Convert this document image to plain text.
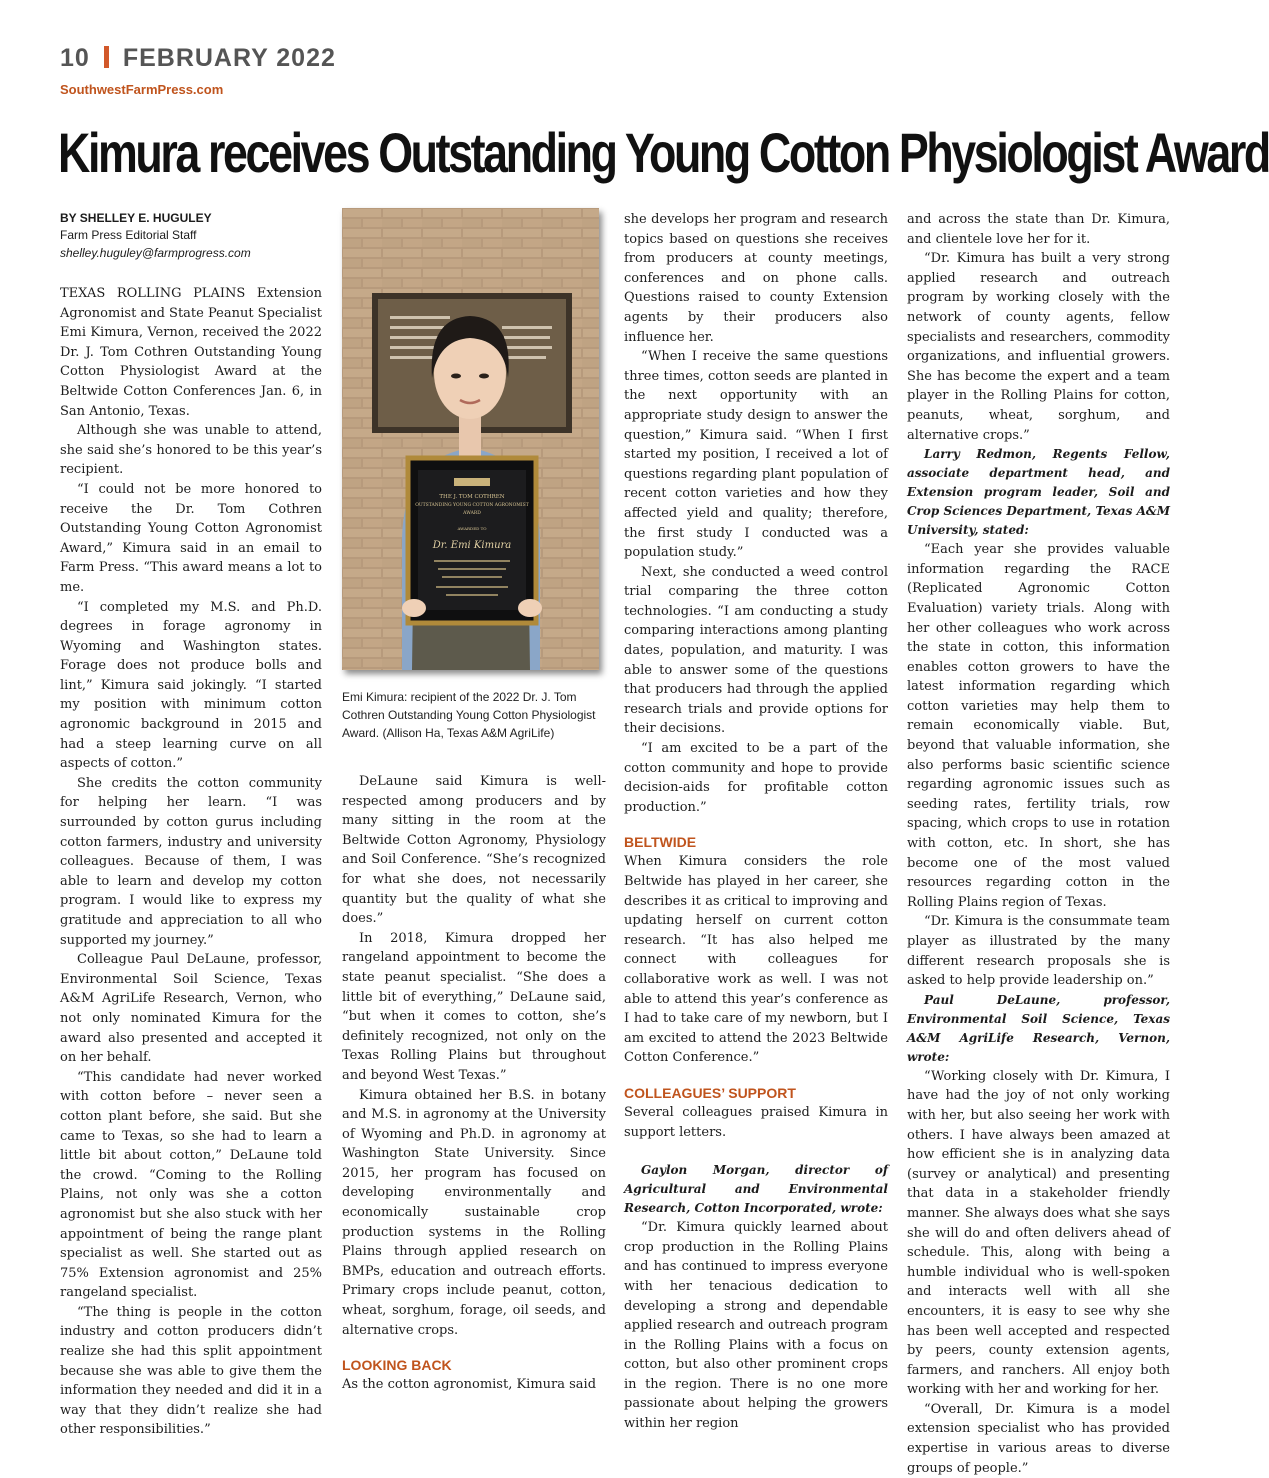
10 FEBRUARY 2022
SouthwestFarmPress.com
Kimura receives Outstanding Young Cotton Physiologist Award
BY SHELLEY E. HUGULEY
Farm Press Editorial Staff
shelley.huguley@farmprogress.com

TEXAS ROLLING PLAINS Extension Agronomist and State Peanut Specialist Emi Kimura, Vernon, received the 2022 Dr. J. Tom Cothren Outstanding Young Cotton Physiologist Award at the Beltwide Cotton Conferences Jan. 6, in San Antonio, Texas.

Although she was unable to attend, she said she’s honored to be this year’s recipient.

“I could not be more honored to receive the Dr. Tom Cothren Outstanding Young Cotton Agronomist Award,” Kimura said in an email to Farm Press. “This award means a lot to me.

“I completed my M.S. and Ph.D. degrees in forage agronomy in Wyoming and Washington states. Forage does not produce bolls and lint,” Kimura said jokingly. “I started my position with minimum cotton agronomic background in 2015 and had a steep learning curve on all aspects of cotton.”

She credits the cotton community for helping her learn. “I was surrounded by cotton gurus including cotton farmers, industry and university colleagues. Because of them, I was able to learn and develop my cotton program. I would like to express my gratitude and appreciation to all who supported my journey.”

Colleague Paul DeLaune, professor, Environmental Soil Science, Texas A&M AgriLife Research, Vernon, who not only nominated Kimura for the award also presented and accepted it on her behalf.

“This candidate had never worked with cotton before – never seen a cotton plant before, she said. But she came to Texas, so she had to learn a little bit about cotton,” DeLaune told the crowd. “Coming to the Rolling Plains, not only was she a cotton agronomist but she also stuck with her appointment of being the range plant specialist as well. She started out as 75% Extension agronomist and 25% rangeland specialist.

“The thing is people in the cotton industry and cotton producers didn’t realize she had this split appointment because she was able to give them the information they needed and did it in a way that they didn’t realize she had other responsibilities.”

THE J. TOM COTHREN
OUTSTANDING YOUNG COTTON AGRONOMIST
AWARD
AWARDED TO
Dr. Emi Kimura
Emi Kimura: recipient of the 2022 Dr. J. Tom Cothren Outstanding Young Cotton Physiologist Award. (Allison Ha, Texas A&M AgriLife)

DeLaune said Kimura is well-respected among producers and by many sitting in the room at the Beltwide Cotton Agronomy, Physiology and Soil Conference. “She’s recognized for what she does, not necessarily quantity but the quality of what she does.”

In 2018, Kimura dropped her rangeland appointment to become the state peanut specialist. “She does a little bit of everything,” DeLaune said, “but when it comes to cotton, she’s definitely recognized, not only on the Texas Rolling Plains but throughout and beyond West Texas.”

Kimura obtained her B.S. in botany and M.S. in agronomy at the University of Wyoming and Ph.D. in agronomy at Washington State University. Since 2015, her program has focused on developing environmentally and economically sustainable crop production systems in the Rolling Plains through applied research on BMPs, education and outreach efforts. Primary crops include peanut, cotton, wheat, sorghum, forage, oil seeds, and alternative crops.

LOOKING BACK

As the cotton agronomist, Kimura said

she develops her program and research topics based on questions she receives from producers at county meetings, conferences and on phone calls. Questions raised to county Extension agents by their producers also influence her.

“When I receive the same questions three times, cotton seeds are planted in the next opportunity with an appropriate study design to answer the question,” Kimura said. “When I first started my position, I received a lot of questions regarding plant population of recent cotton varieties and how they affected yield and quality; therefore, the first study I conducted was a population study.”

Next, she conducted a weed control trial comparing the three cotton technologies. “I am conducting a study comparing interactions among planting dates, population, and maturity. I was able to answer some of the questions that producers had through the applied research trials and provide options for their decisions.

“I am excited to be a part of the cotton community and hope to provide decision-aids for profitable cotton production.”

BELTWIDE

When Kimura considers the role Beltwide has played in her career, she describes it as critical to improving and updating herself on current cotton research. “It has also helped me connect with colleagues for collaborative work as well. I was not able to attend this year’s conference as I had to take care of my newborn, but I am excited to attend the 2023 Beltwide Cotton Conference.”

COLLEAGUES’ SUPPORT

Several colleagues praised Kimura in support letters.

Gaylon Morgan, director of Agricultural and Environmental Research, Cotton Incorporated, wrote:

“Dr. Kimura quickly learned about crop production in the Rolling Plains and has continued to impress everyone with her tenacious dedication to developing a strong and dependable applied research and outreach program in the Rolling Plains with a focus on cotton, but also other prominent crops in the region. There is no one more passionate about helping the growers within her region

and across the state than Dr. Kimura, and clientele love her for it.

“Dr. Kimura has built a very strong applied research and outreach program by working closely with the network of county agents, fellow specialists and researchers, commodity organizations, and influential growers. She has become the expert and a team player in the Rolling Plains for cotton, peanuts, wheat, sorghum, and alternative crops.”

Larry Redmon, Regents Fellow, associate department head, and Extension program leader, Soil and Crop Sciences Department, Texas A&M University, stated:

“Each year she provides valuable information regarding the RACE (Replicated Agronomic Cotton Evaluation) variety trials. Along with her other colleagues who work across the state in cotton, this information enables cotton growers to have the latest information regarding which cotton varieties may help them to remain economically viable. But, beyond that valuable information, she also performs basic scientific science regarding agronomic issues such as seeding rates, fertility trials, row spacing, which crops to use in rotation with cotton, etc. In short, she has become one of the most valued resources regarding cotton in the Rolling Plains region of Texas.

“Dr. Kimura is the consummate team player as illustrated by the many different research proposals she is asked to help provide leadership on.”

Paul DeLaune, professor, Environmental Soil Science, Texas A&M AgriLife Research, Vernon, wrote:

“Working closely with Dr. Kimura, I have had the joy of not only working with her, but also seeing her work with others. I have always been amazed at how efficient she is in analyzing data (survey or analytical) and presenting that data in a stakeholder friendly manner. She always does what she says she will do and often delivers ahead of schedule. This, along with being a humble individual who is well-spoken and interacts well with all she encounters, it is easy to see why she has been well accepted and respected by peers, county extension agents, farmers, and ranchers. All enjoy both working with her and working for her.

“Overall, Dr. Kimura is a model extension specialist who has provided expertise in various areas to diverse groups of people.”
